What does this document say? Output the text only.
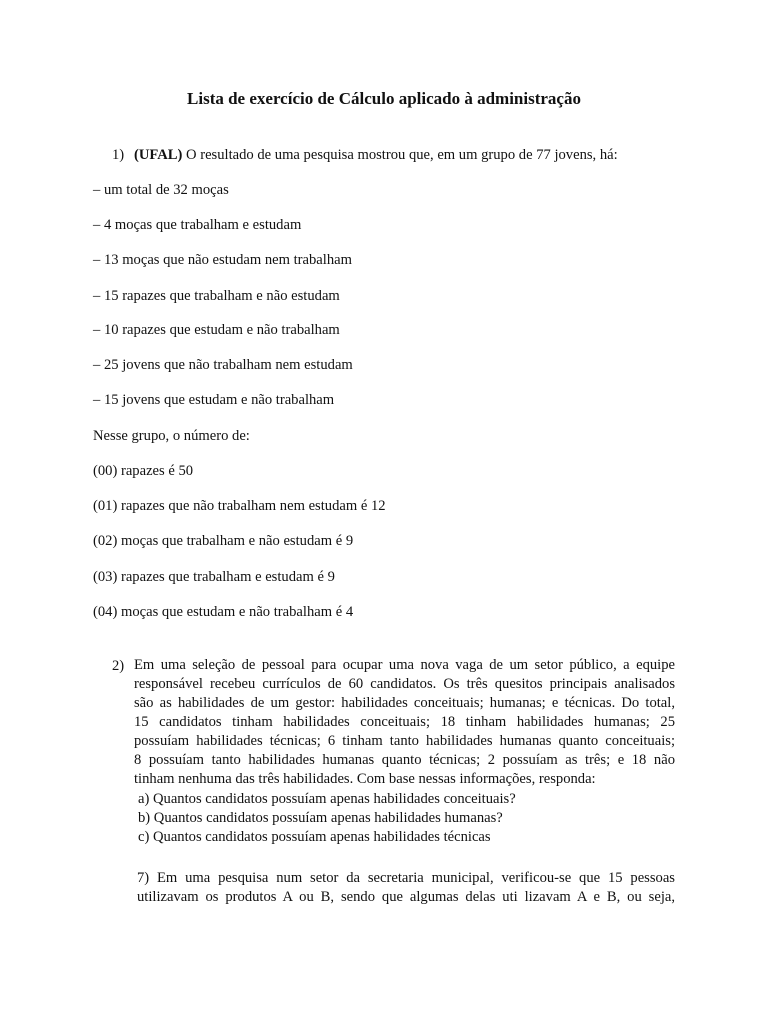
Lista de exercício de Cálculo aplicado à administração
1) (UFAL) O resultado de uma pesquisa mostrou que, em um grupo de 77 jovens, há:
– um total de 32 moças
– 4 moças que trabalham e estudam
– 13 moças que não estudam nem trabalham
– 15 rapazes que trabalham e não estudam
– 10 rapazes que estudam e não trabalham
– 25 jovens que não trabalham nem estudam
– 15 jovens que estudam e não trabalham
Nesse grupo, o número de:
(00) rapazes é 50
(01) rapazes que não trabalham nem estudam é 12
(02) moças que trabalham e não estudam é 9
(03) rapazes que trabalham e estudam é 9
(04) moças que estudam e não trabalham é 4
2) Em uma seleção de pessoal para ocupar uma nova vaga de um setor público, a equipe
responsável recebeu currículos de 60 candidatos. Os três quesitos principais analisados
são as habilidades de um gestor: habilidades conceituais; humanas; e técnicas. Do total,
15 candidatos tinham habilidades conceituais; 18 tinham habilidades humanas; 25
possuíam habilidades técnicas; 6 tinham tanto habilidades humanas quanto conceituais;
8 possuíam tanto habilidades humanas quanto técnicas; 2 possuíam as três; e 18 não
tinham nenhuma das três habilidades. Com base nessas informações, responda:
a) Quantos candidatos possuíam apenas habilidades conceituais?
b) Quantos candidatos possuíam apenas habilidades humanas?
c) Quantos candidatos possuíam apenas habilidades técnicas
7) Em uma pesquisa num setor da secretaria municipal, verificou-se que 15 pessoas
utilizavam os produtos A ou B, sendo que algumas delas uti lizavam A e B, ou seja,
